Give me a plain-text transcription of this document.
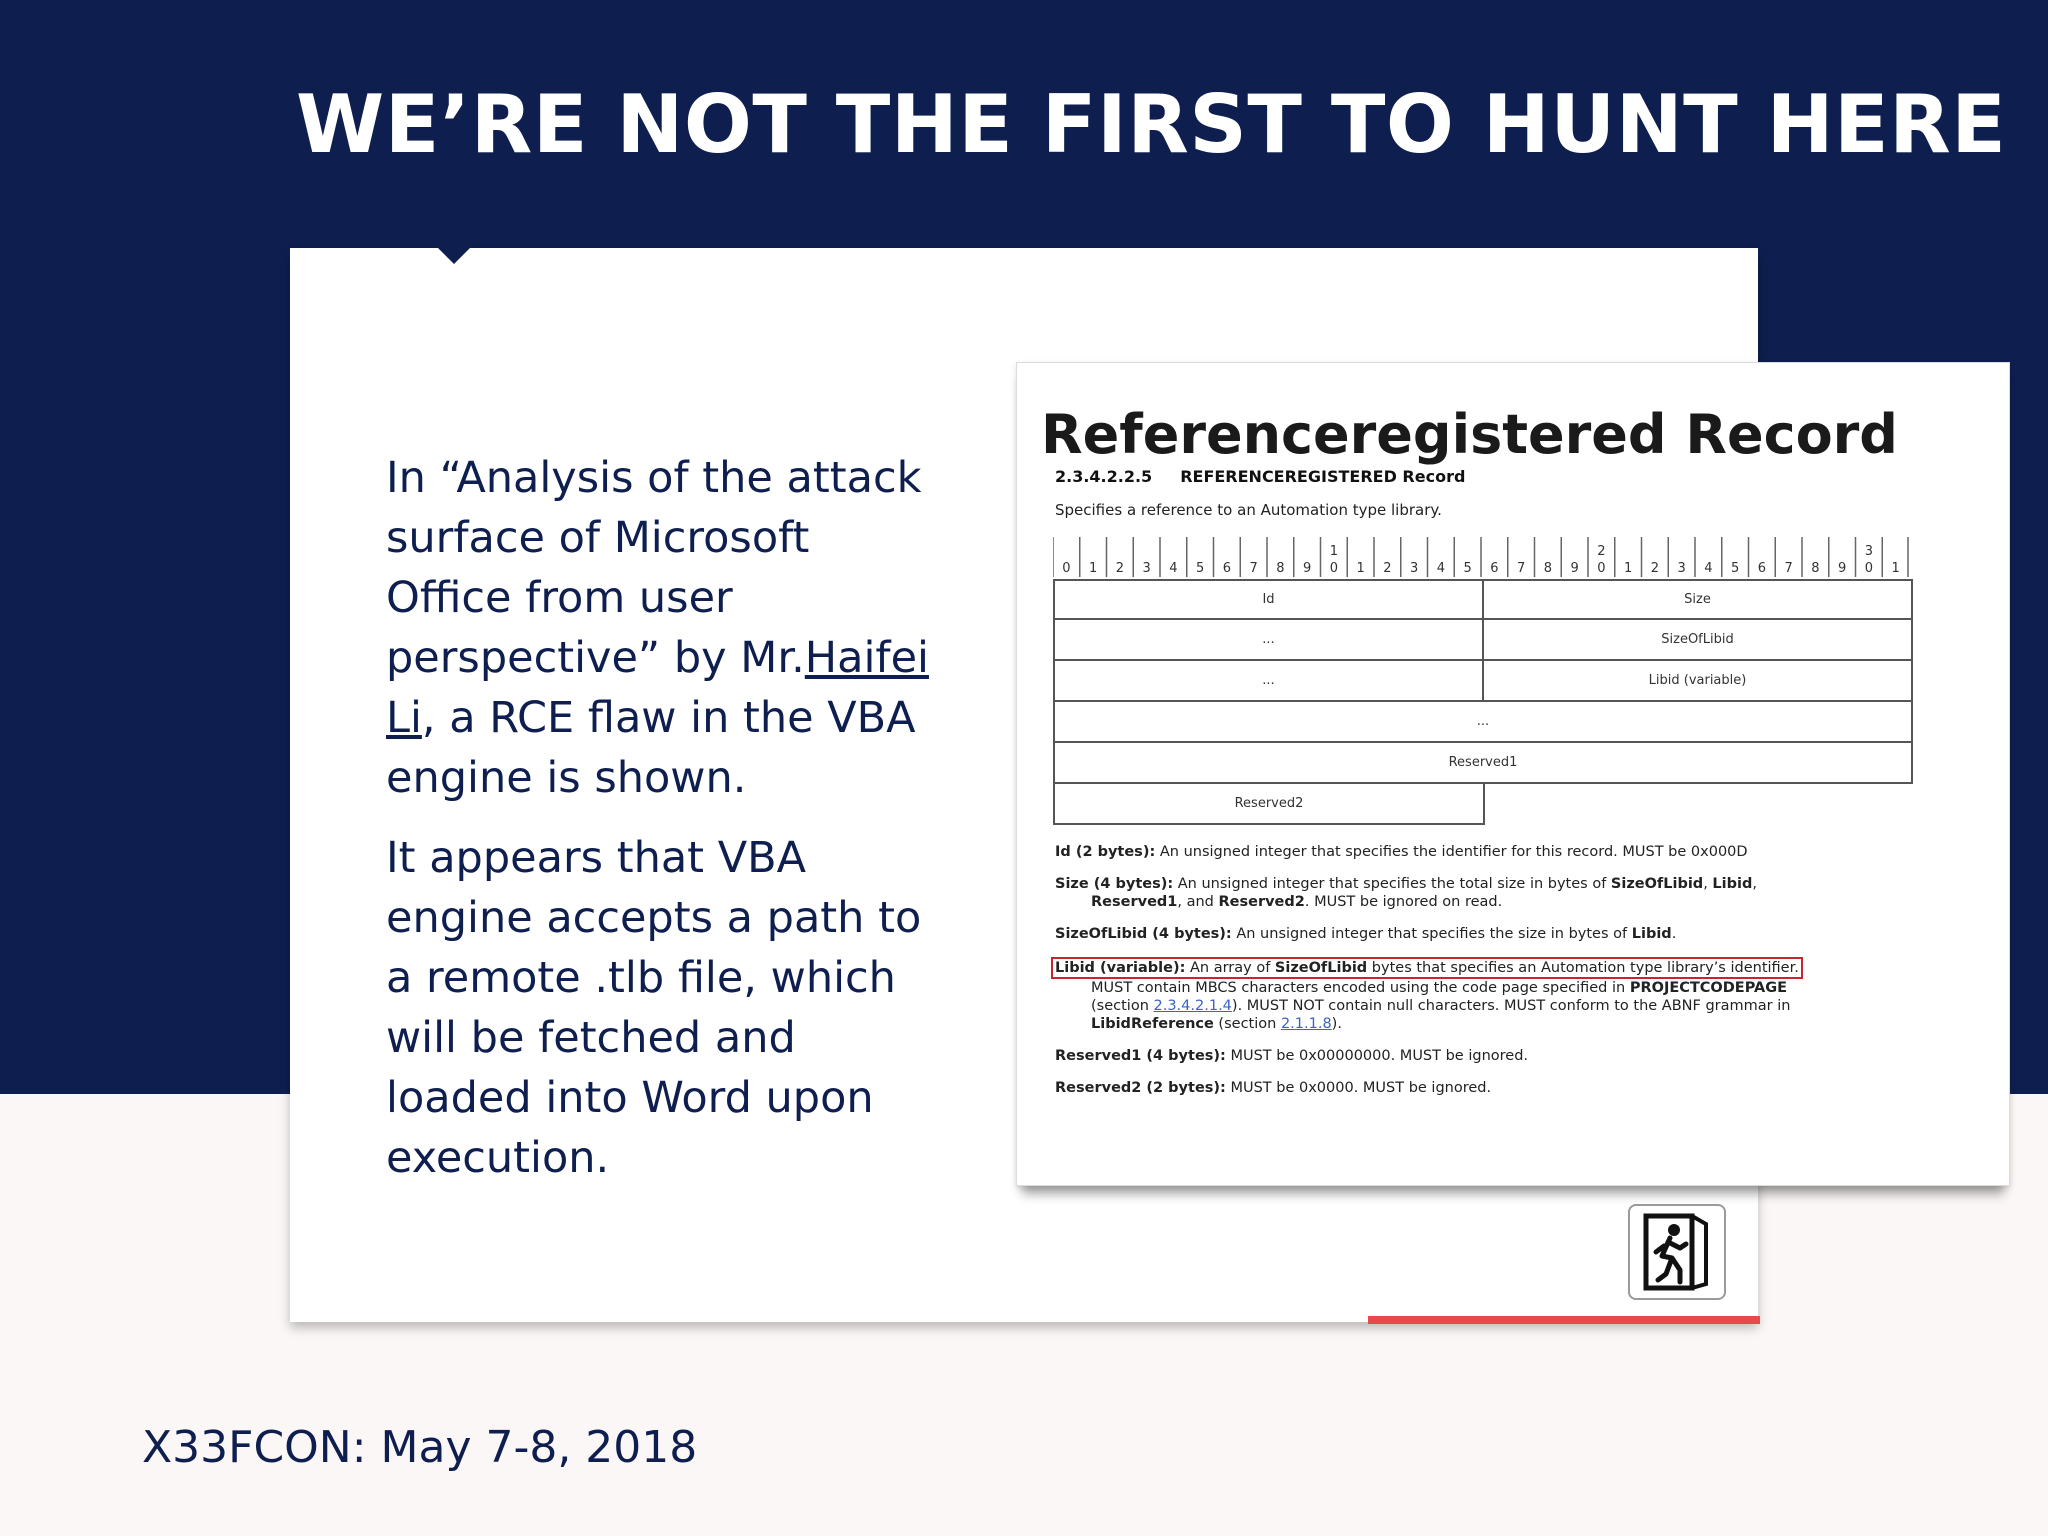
WE’RE NOT THE FIRST TO HUNT HERE

In “Analysis of the attack surface of Microsoft Office from user perspective” by Mr.Haifei Li, a RCE flaw in the VBA engine is shown.

It appears that VBA engine accepts a path to a remote .tlb file, which will be fetched and loaded into Word upon execution.

Referenceregistered Record
2.3.4.2.2.5 REFERENCEREGISTERED Record
Specifies a reference to an Automation type library.
0 1 2 3 4 5 6 7 8 9 0
1
1 2 3 4 5 6 7 8 9 0
2
1 2 3 4 5 6 7 8 9 0
3
1
Id	Size
...	SizeOfLibid
...	Libid (variable)
...
Reserved1
Reserved2
Id (2 bytes): An unsigned integer that specifies the identifier for this record. MUST be 0x000D
Size (4 bytes): An unsigned integer that specifies the total size in bytes of SizeOfLibid, Libid,
Reserved1, and Reserved2. MUST be ignored on read.
SizeOfLibid (4 bytes): An unsigned integer that specifies the size in bytes of Libid.
Libid (variable): An array of SizeOfLibid bytes that specifies an Automation type library’s identifier.
MUST contain MBCS characters encoded using the code page specified in PROJECTCODEPAGE
(section 2.3.4.2.1.4). MUST NOT contain null characters. MUST conform to the ABNF grammar in
LibidReference (section 2.1.1.8).
Reserved1 (4 bytes): MUST be 0x00000000. MUST be ignored.
Reserved2 (2 bytes): MUST be 0x0000. MUST be ignored.
X33FCON: May 7-8, 2018
